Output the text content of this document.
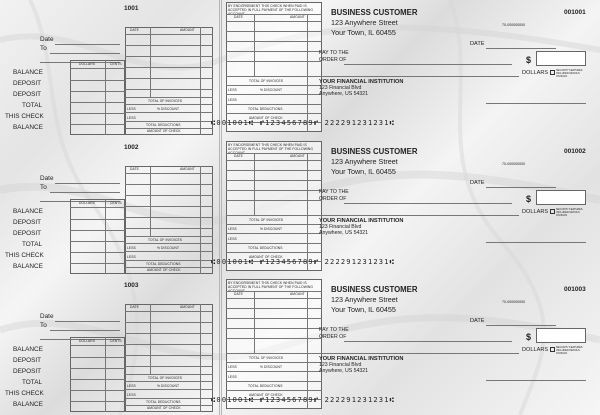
1001
Date
To
DOLLARS	CENTS
BALANCE
DEPOSIT
DEPOSIT
TOTAL
THIS CHECK
BALANCE
DATE	AMOUNT
TOTAL OF INVOICES
LESS	% DISCOUNT
LESS
TOTAL DEDUCTIONS
AMOUNT OF CHECK
BY ENDORSEMENT THIS CHECK WHEN PAID IS ACCEPTED IN FULL PAYMENT OF THE FOLLOWING
DATE	AMOUNT
TOTAL OF INVOICES
LESS	% DISCOUNT
LESS
TOTAL DEDUCTIONS
AMOUNT OF CHECK
BUSINESS CUSTOMER
123 Anywhere Street
Your Town, IL 60455
001001
70-000000000
DATE
PAY TO THE
ORDER OF	$
DOLLARS	SECURITY FEATURES INCLUDED DETAILS ON BACK
YOUR FINANCIAL INSTITUTION
123 Financial Blvd
Anywhere, US 54321
⑆001001⑆ ⑈123456789⑈ 222291231231⑆
1002
Date
To
DOLLARS	CENTS
BALANCE
DEPOSIT
DEPOSIT
TOTAL
THIS CHECK
BALANCE
DATE	AMOUNT
TOTAL OF INVOICES
LESS	% DISCOUNT
LESS
TOTAL DEDUCTIONS
AMOUNT OF CHECK
BY ENDORSEMENT THIS CHECK WHEN PAID IS ACCEPTED IN FULL PAYMENT OF THE FOLLOWING
DATE	AMOUNT
TOTAL OF INVOICES
LESS	% DISCOUNT
LESS
TOTAL DEDUCTIONS
AMOUNT OF CHECK
BUSINESS CUSTOMER
123 Anywhere Street
Your Town, IL 60455
001002
70-000000000
DATE
PAY TO THE
ORDER OF	$
DOLLARS	SECURITY FEATURES INCLUDED DETAILS ON BACK
YOUR FINANCIAL INSTITUTION
123 Financial Blvd
Anywhere, US 54321
⑆001001⑆ ⑈123456789⑈ 222291231231⑆
1003
Date
To
DOLLARS	CENTS
BALANCE
DEPOSIT
DEPOSIT
TOTAL
THIS CHECK
BALANCE
DATE	AMOUNT
TOTAL OF INVOICES
LESS	% DISCOUNT
LESS
TOTAL DEDUCTIONS
AMOUNT OF CHECK
BY ENDORSEMENT THIS CHECK WHEN PAID IS ACCEPTED IN FULL PAYMENT OF THE FOLLOWING
DATE	AMOUNT
TOTAL OF INVOICES
LESS	% DISCOUNT
LESS
TOTAL DEDUCTIONS
AMOUNT OF CHECK
BUSINESS CUSTOMER
123 Anywhere Street
Your Town, IL 60455
001003
70-000000000
DATE
PAY TO THE
ORDER OF	$
DOLLARS	SECURITY FEATURES INCLUDED DETAILS ON BACK
YOUR FINANCIAL INSTITUTION
123 Financial Blvd
Anywhere, US 54321
⑆001001⑆ ⑈123456789⑈ 222291231231⑆
